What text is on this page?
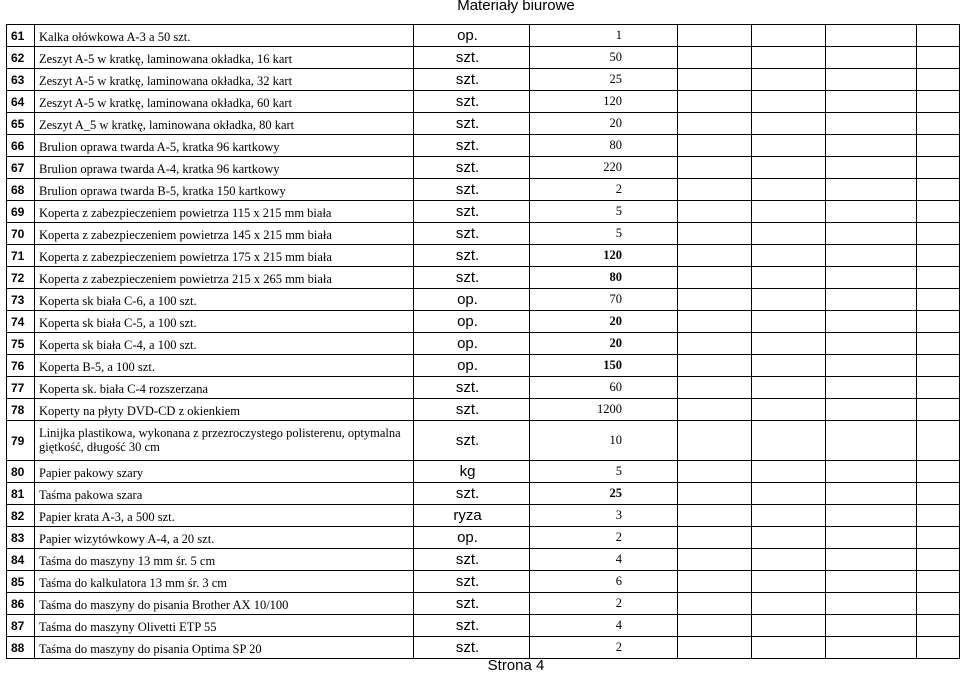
Materiały biurowe
61	Kalka ołówkowa A-3 a 50 szt.	op.	1				
62	Zeszyt A-5 w kratkę, laminowana okładka, 16 kart	szt.	50				
63	Zeszyt A-5 w kratkę, laminowana okładka, 32 kart	szt.	25				
64	Zeszyt A-5 w kratkę, laminowana okładka, 60 kart	szt.	120				
65	Zeszyt A_5 w kratkę, laminowana okładka, 80 kart	szt.	20				
66	Brulion oprawa twarda A-5, kratka 96 kartkowy	szt.	80				
67	Brulion oprawa twarda A-4, kratka 96 kartkowy	szt.	220				
68	Brulion oprawa twarda B-5, kratka 150 kartkowy	szt.	2				
69	Koperta z zabezpieczeniem powietrza 115 x 215 mm biała	szt.	5				
70	Koperta z zabezpieczeniem powietrza 145 x 215 mm biała	szt.	5				
71	Koperta z zabezpieczeniem powietrza 175 x 215 mm biała	szt.	120				
72	Koperta z zabezpieczeniem powietrza 215 x 265 mm biała	szt.	80				
73	Koperta sk biała C-6, a 100 szt.	op.	70				
74	Koperta sk biała C-5, a 100 szt.	op.	20				
75	Koperta sk biała C-4, a 100 szt.	op.	20				
76	Koperta B-5, a 100 szt.	op.	150				
77	Koperta sk. biała C-4 rozszerzana	szt.	60				
78	Koperty na płyty DVD-CD z okienkiem	szt.	1200				
79	Linijka plastikowa, wykonana z przezroczystego polisterenu, optymalna giętkość, długość 30 cm	szt.	10				
80	Papier pakowy szary	kg	5				
81	Taśma pakowa szara	szt.	25				
82	Papier krata A-3, a 500 szt.	ryza	3				
83	Papier wizytówkowy A-4, a 20 szt.	op.	2				
84	Taśma do maszyny 13 mm śr. 5 cm	szt.	4				
85	Taśma do kalkulatora 13 mm śr. 3 cm	szt.	6				
86	Taśma do maszyny do pisania Brother AX 10/100	szt.	2				
87	Taśma do maszyny Olivetti ETP 55	szt.	4				
88	Taśma do maszyny do pisania Optima SP 20	szt.	2				
Strona 4
